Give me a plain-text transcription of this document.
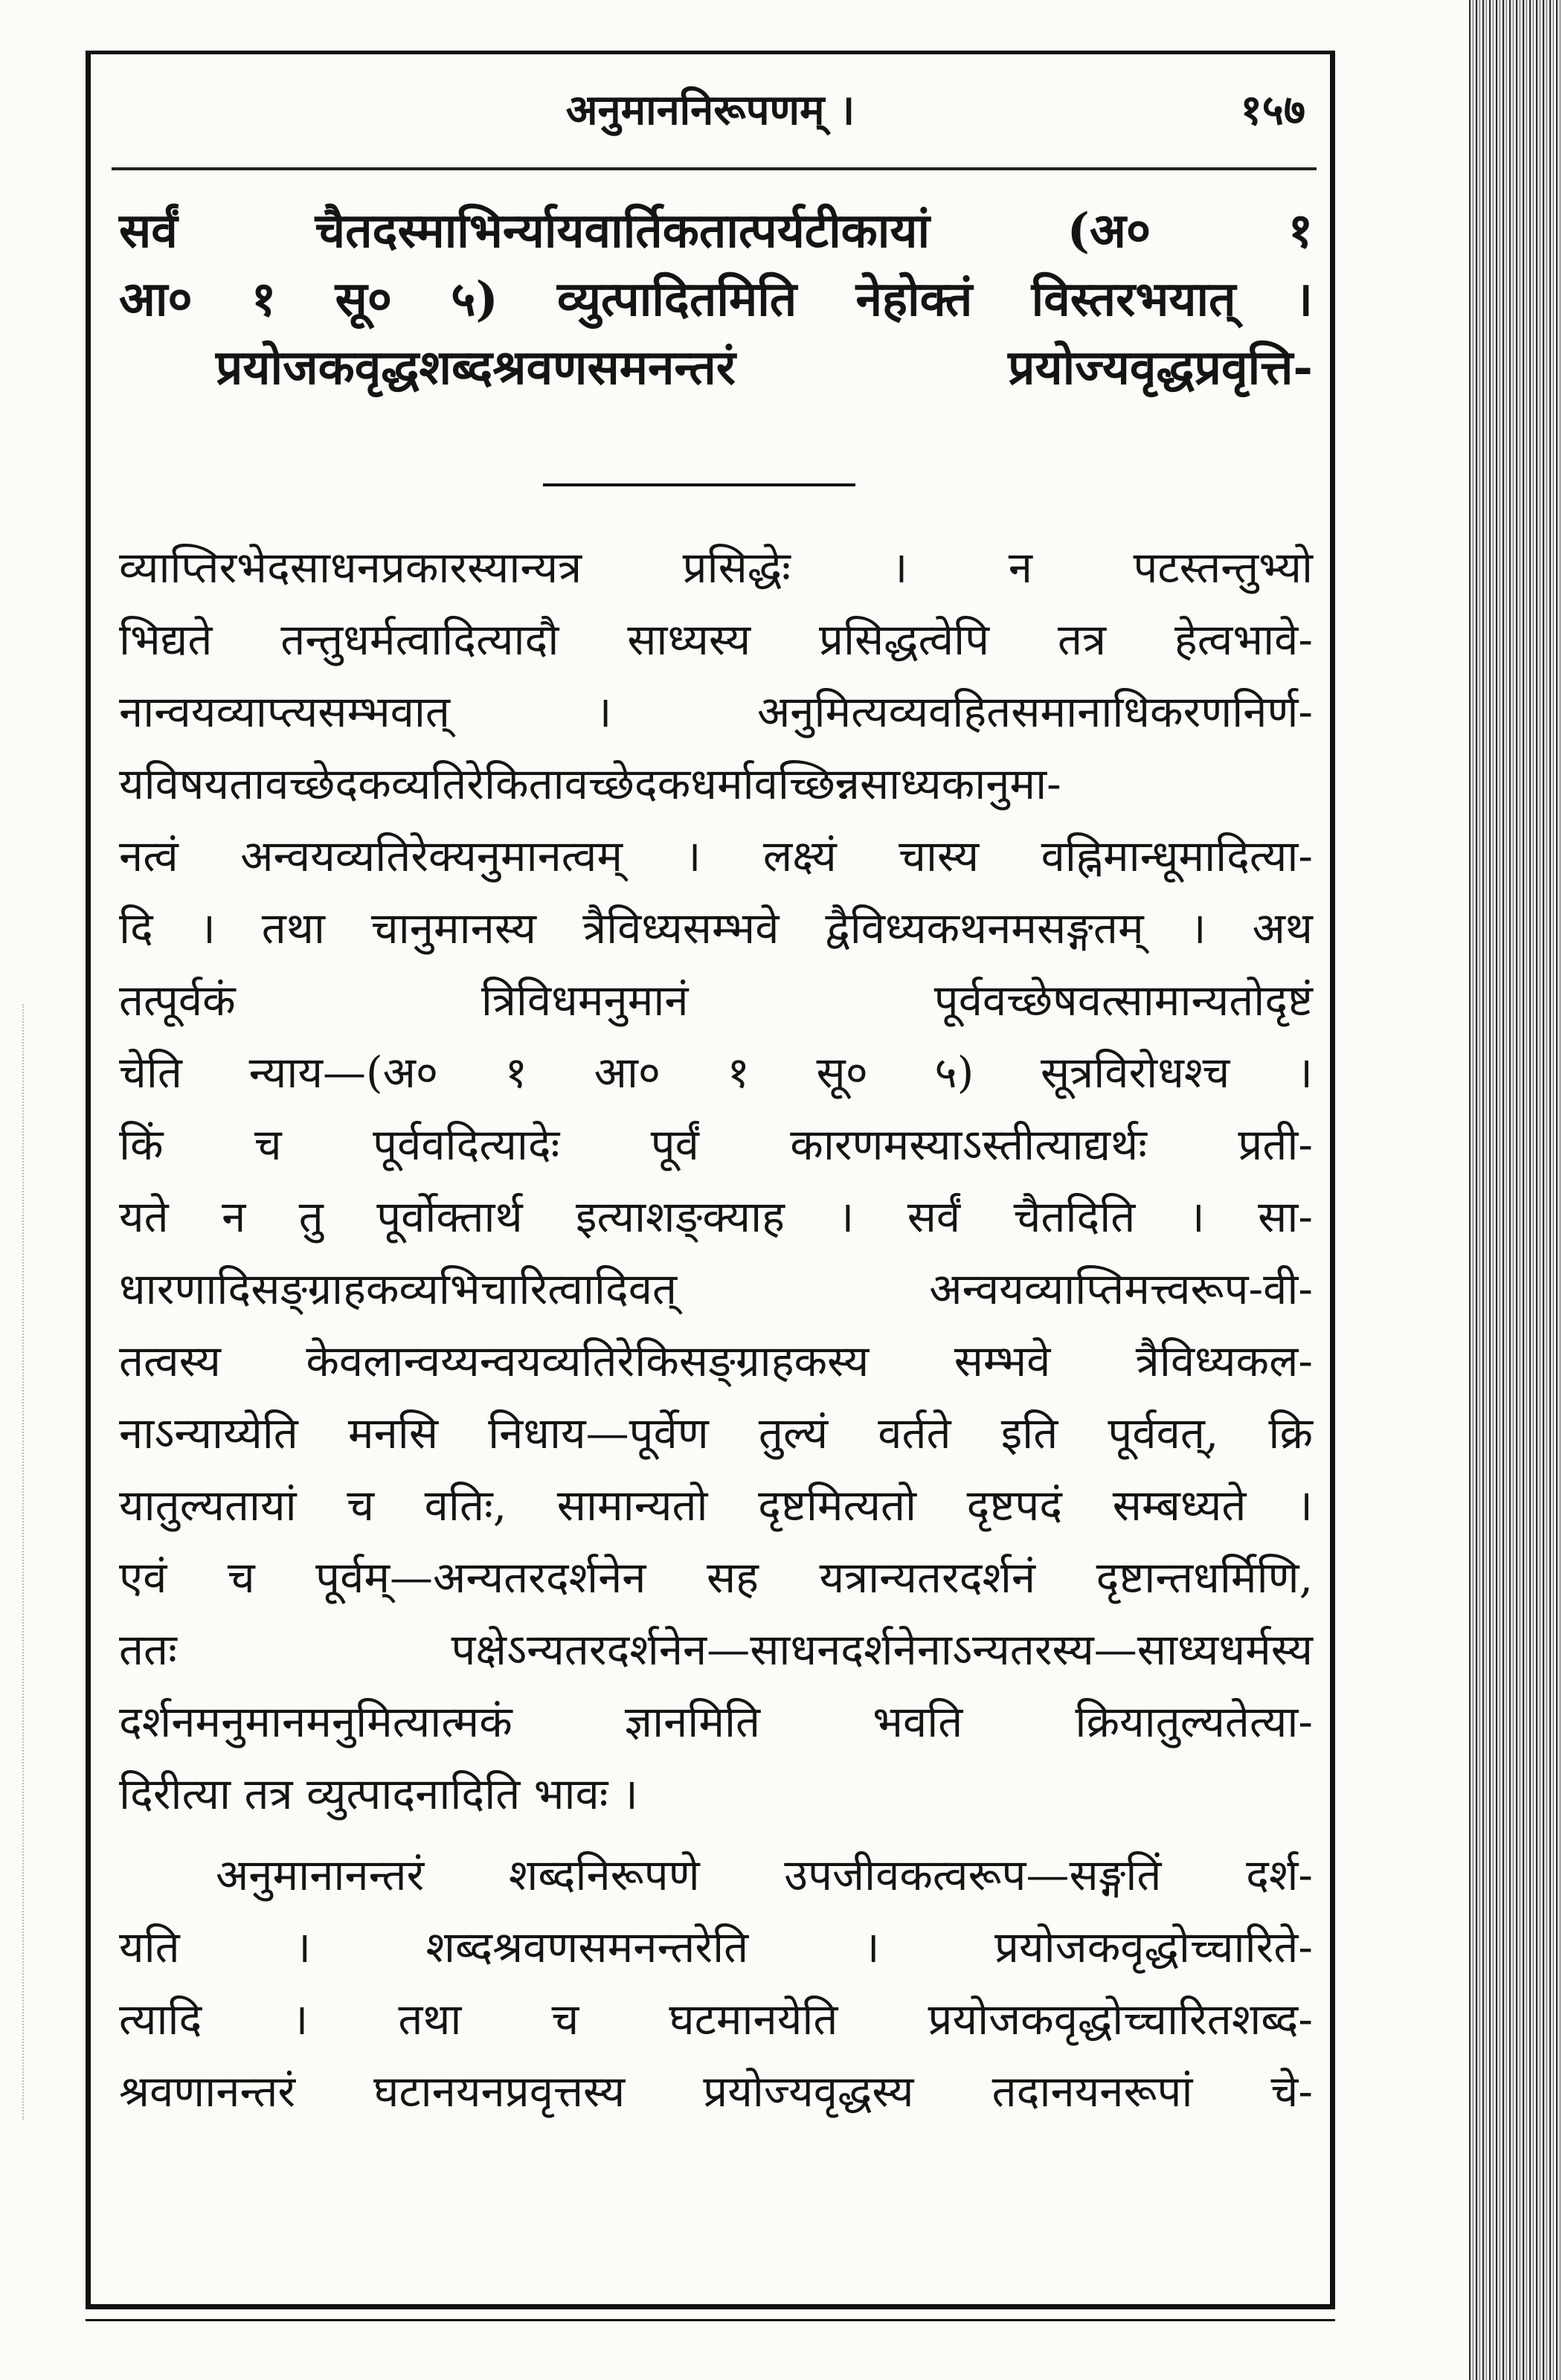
अनुमाननिरूपणम् ।	१५७
सर्वं चैतदस्माभिर्न्यायवार्तिकतात्पर्यटीकायां (अ० १
आ० १ सू० ५) व्युत्पादितमिति नेहोक्तं विस्तरभयात् ।
प्रयोजकवृद्धशब्दश्रवणसमनन्तरं प्रयोज्यवृद्धप्रवृत्ति-
व्याप्तिरभेदसाधनप्रकारस्यान्यत्र प्रसिद्धेः । न पटस्तन्तुभ्यो
भिद्यते तन्तुधर्मत्वादित्यादौ साध्यस्य प्रसिद्धत्वेपि तत्र हेत्वभावे-
नान्वयव्याप्त्यसम्भवात् । अनुमित्यव्यवहितसमानाधिकरणनिर्ण-
यविषयतावच्छेदकव्यतिरेकितावच्छेदकधर्मावच्छिन्नसाध्यकानुमा-
नत्वं अन्वयव्यतिरेक्यनुमानत्वम् । लक्ष्यं चास्य वह्निमान्धूमादित्या-
दि । तथा चानुमानस्य त्रैविध्यसम्भवे द्वैविध्यकथनमसङ्गतम् । अथ
तत्पूर्वकं त्रिविधमनुमानं पूर्ववच्छेषवत्सामान्यतोदृष्टं
चेति न्याय—(अ० १ आ० १ सू० ५) सूत्रविरोधश्च ।
किं च पूर्ववदित्यादेः पूर्वं कारणमस्याऽस्तीत्याद्यर्थः प्रती-
यते न तु पूर्वोक्तार्थ इत्याशङ्क्याह । सर्वं चैतदिति । सा-
धारणादिसङ्ग्राहकव्यभिचारित्वादिवत् अन्वयव्याप्तिमत्त्वरूप-वी-
तत्वस्य केवलान्वय्यन्वयव्यतिरेकिसङ्ग्राहकस्य सम्भवे त्रैविध्यकल-
नाऽन्याय्येति मनसि निधाय—पूर्वेण तुल्यं वर्तते इति पूर्ववत्, क्रि
यातुल्यतायां च वतिः, सामान्यतो दृष्टमित्यतो दृष्टपदं सम्बध्यते ।
एवं च पूर्वम्—अन्यतरदर्शनेन सह यत्रान्यतरदर्शनं दृष्टान्तधर्मिणि,
ततः पक्षेऽन्यतरदर्शनेन—साधनदर्शनेनाऽन्यतरस्य—साध्यधर्मस्य
दर्शनमनुमानमनुमित्यात्मकं ज्ञानमिति भवति क्रियातुल्यतेत्या-
दिरीत्या तत्र व्युत्पादनादिति भावः ।
अनुमानानन्तरं शब्दनिरूपणे उपजीवकत्वरूप—सङ्गतिं दर्श-
यति । शब्दश्रवणसमनन्तरेति । प्रयोजकवृद्धोच्चारिते-
त्यादि । तथा च घटमानयेति प्रयोजकवृद्धोच्चारितशब्द-
श्रवणानन्तरं घटानयनप्रवृत्तस्य प्रयोज्यवृद्धस्य तदानयनरूपां चे-
